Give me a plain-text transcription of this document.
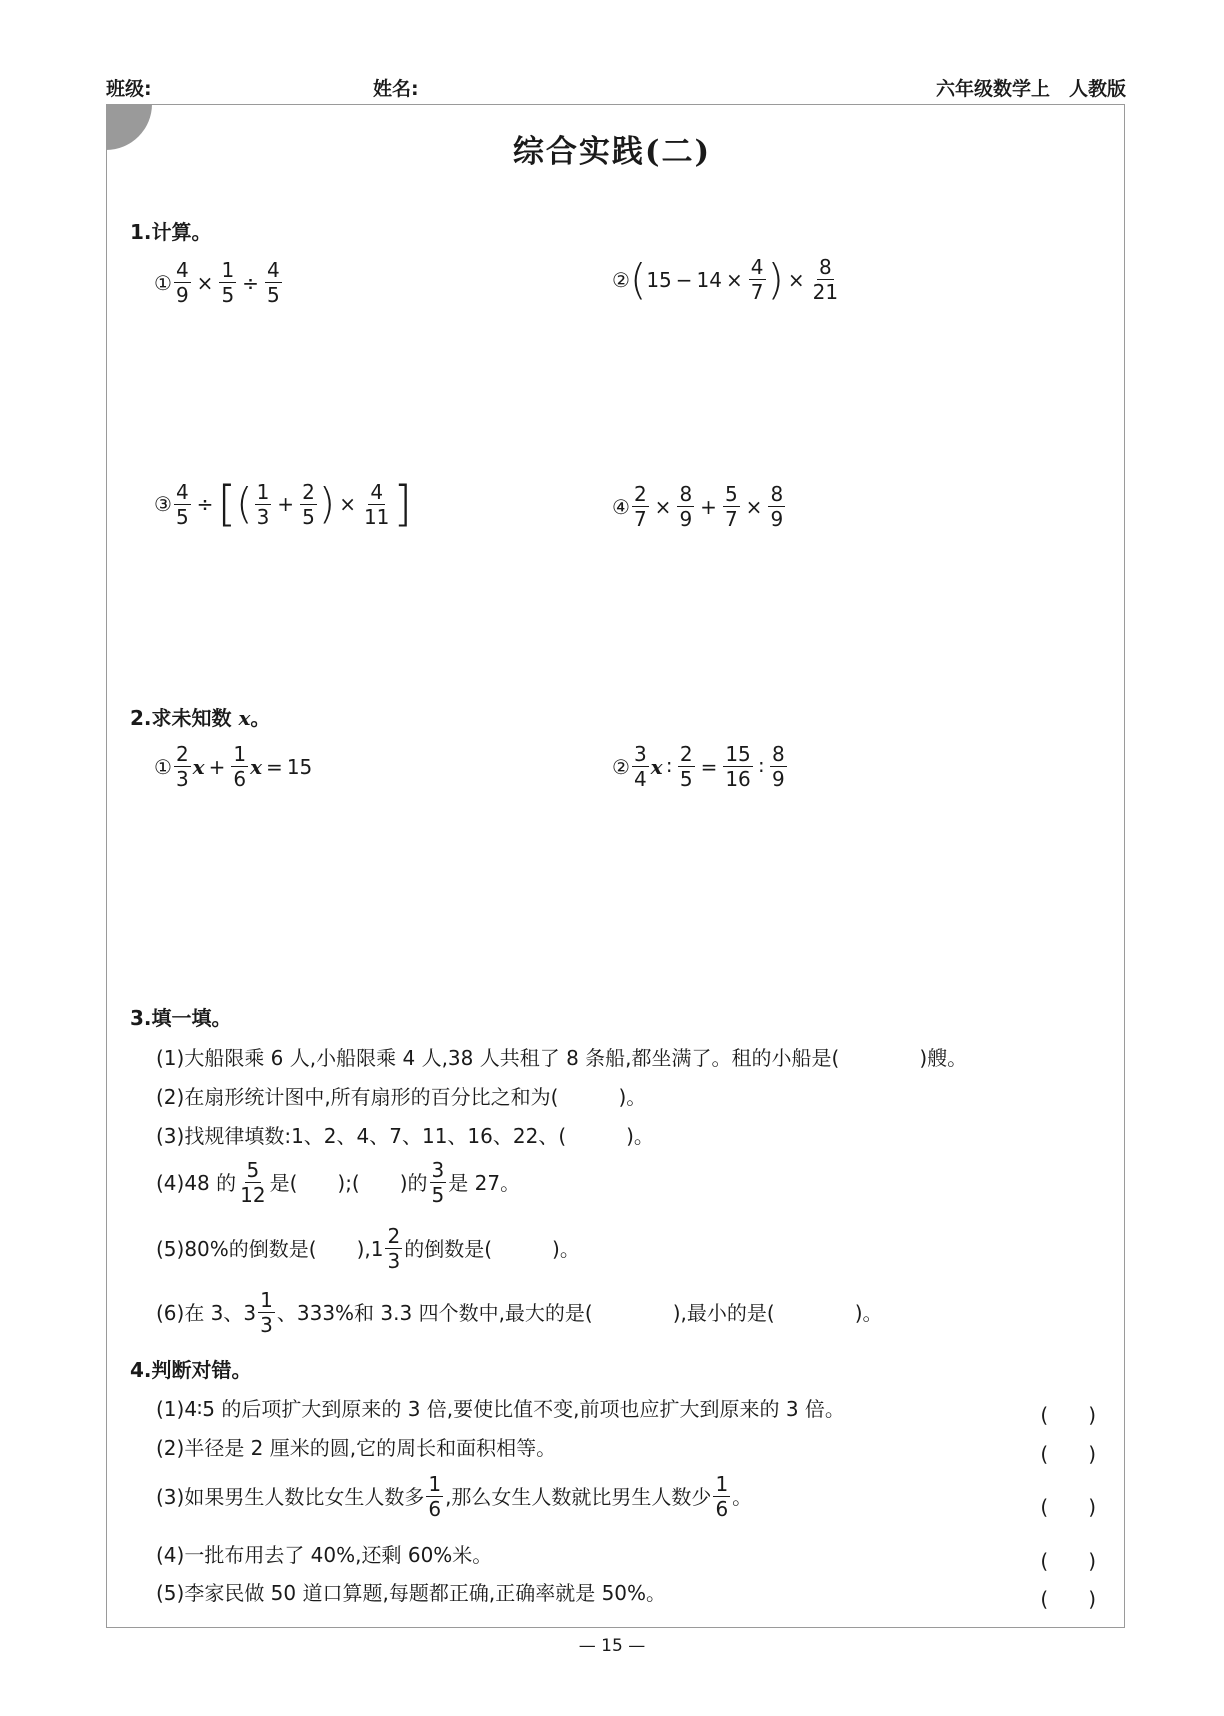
班级:	姓名:	六年级数学上　人教版
综合实践(二)
1.计算。
① $\frac{4}{9} \times \frac{1}{5} \div \frac{4}{5}$	② ( $15 - 14 \times \frac{4}{7}$ ) × $\frac{8}{21}$
③ $\frac{4}{5}$ ÷ [ ( $\frac{1}{3} + \frac{2}{5}$ ) × $\frac{4}{11}$ ]	④ $\frac{2}{7} \times \frac{8}{9} + \frac{5}{7} \times \frac{8}{9}$
2.求未知数 x。
① $\frac{2}{3}$ $x + \frac{1}{6}$ x = 15	② $\frac{3}{4}$ x ∶ $\frac{2}{5} = \frac{15}{16}$ ∶ $\frac{8}{9}$
3.填一填。
(1)大船限乘 6 人,小船限乘 4 人,38 人共租了 8 条船,都坐满了。租的小船是(　　　　)艘。
(2)在扇形统计图中,所有扇形的百分比之和为(　　　)。
(3)找规律填数:1、2、4、7、11、16、22、(　　　)。
(4)48 的 $\frac{5}{12}$ 是(　　);(　　)的 $\frac{3}{5}$ 是 27。
(5)80%的倒数是(　　)$,1 \frac{2}{3}$ 的倒数是(　　　)。
(6)在 3、$3 \frac{1}{3}$ 、333%和 3.3 四个数中,最大的是(　　　　),最小的是(　　　　)。
4.判断对错。
(1)4∶5 的后项扩大到原来的 3 倍,要使比值不变,前项也应扩大到原来的 3 倍。	(　　)
(2)半径是 2 厘米的圆,它的周长和面积相等。	(　　)
(3)如果男生人数比女生人数多 $\frac{1}{6}$ ,那么女生人数就比男生人数少 $\frac{1}{6}$ 。	(　　)
(4)一批布用去了 40%,还剩 60%米。	(　　)
(5)李家民做 50 道口算题,每题都正确,正确率就是 50%。	(　　)
— 15 —
